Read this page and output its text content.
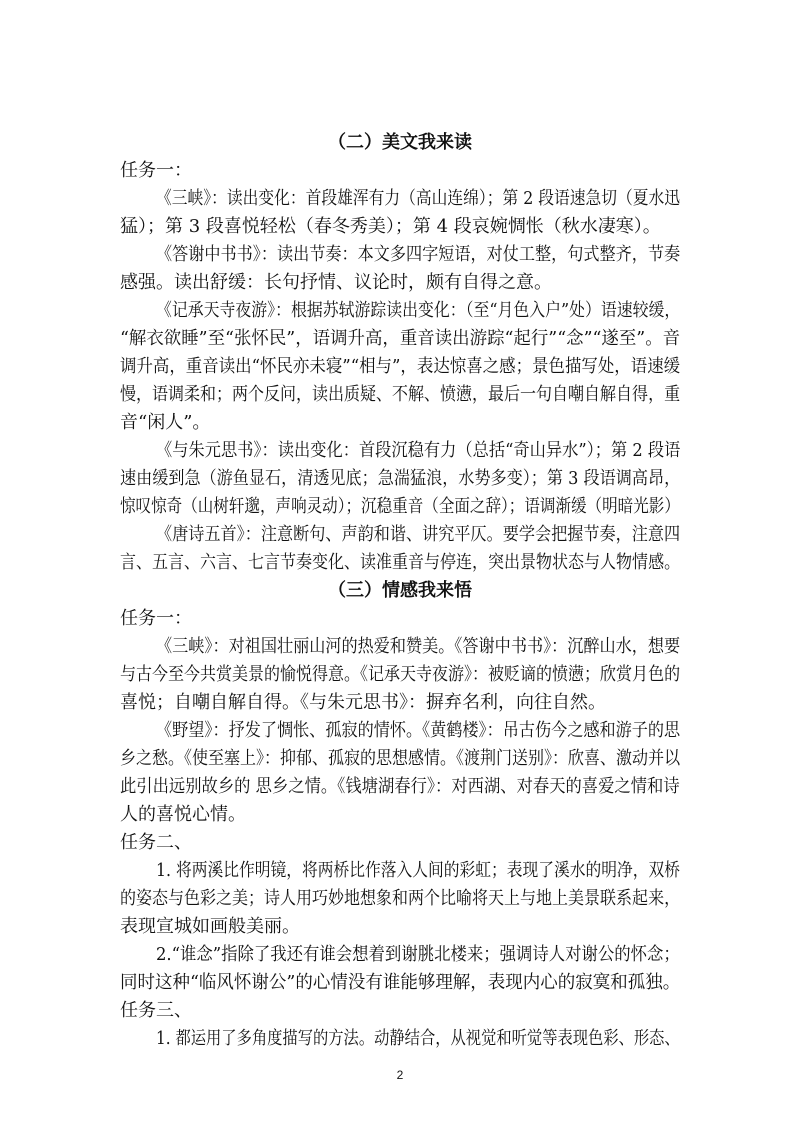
（二）美文我来读
任务一：
《三峡》：读出变化：首段雄浑有力（高山连绵）；第 2 段语速急切（夏水迅
猛）；第 3 段喜悦轻松（春冬秀美）；第 4 段哀婉惆怅（秋水凄寒）。
《答谢中书书》：读出节奏：本文多四字短语，对仗工整，句式整齐，节奏
感强。读出舒缓：长句抒情、议论时，颇有自得之意。
《记承天寺夜游》：根据苏轼游踪读出变化：（至“月色入户”处）语速较缓，
“解衣欲睡”至“张怀民”，语调升高，重音读出游踪“起行”“念”“遂至”。音
调升高，重音读出“怀民亦未寝”“相与”，表达惊喜之感；景色描写处，语速缓
慢，语调柔和；两个反问，读出质疑、不解、愤懑，最后一句自嘲自解自得，重
音“闲人”。
《与朱元思书》：读出变化：首段沉稳有力（总括“奇山异水”）；第 2 段语
速由缓到急（游鱼显石，清透见底；急湍猛浪，水势多变）；第 3 段语调高昂，
惊叹惊奇（山树轩邈，声响灵动）；沉稳重音（全面之辞）；语调渐缓（明暗光影）
《唐诗五首》：注意断句、声韵和谐、讲究平仄。要学会把握节奏，注意四
言、五言、六言、七言节奏变化、读准重音与停连，突出景物状态与人物情感。
（三）情感我来悟
任务一：
《三峡》：对祖国壮丽山河的热爱和赞美。《答谢中书书》：沉醉山水，想要
与古今至今共赏美景的愉悦得意。《记承天寺夜游》：被贬谪的愤懑；欣赏月色的
喜悦；自嘲自解自得。《与朱元思书》：摒弃名利，向往自然。
《野望》：抒发了惆怅、孤寂的情怀。《黄鹤楼》：吊古伤今之感和游子的思
乡之愁。《使至塞上》：抑郁、孤寂的思想感情。《渡荆门送别》：欣喜、激动并以
此引出远别故乡的 思乡之情。《钱塘湖春行》：对西湖、对春天的喜爱之情和诗
人的喜悦心情。
任务二、
1. 将两溪比作明镜，将两桥比作落入人间的彩虹；表现了溪水的明净，双桥
的姿态与色彩之美；诗人用巧妙地想象和两个比喻将天上与地上美景联系起来，
表现宣城如画般美丽。
2.“谁念”指除了我还有谁会想着到谢朓北楼来；强调诗人对谢公的怀念；
同时这种“临风怀谢公”的心情没有谁能够理解，表现内心的寂寞和孤独。
任务三、
1. 都运用了多角度描写的方法。动静结合，从视觉和听觉等表现色彩、形态、
2
